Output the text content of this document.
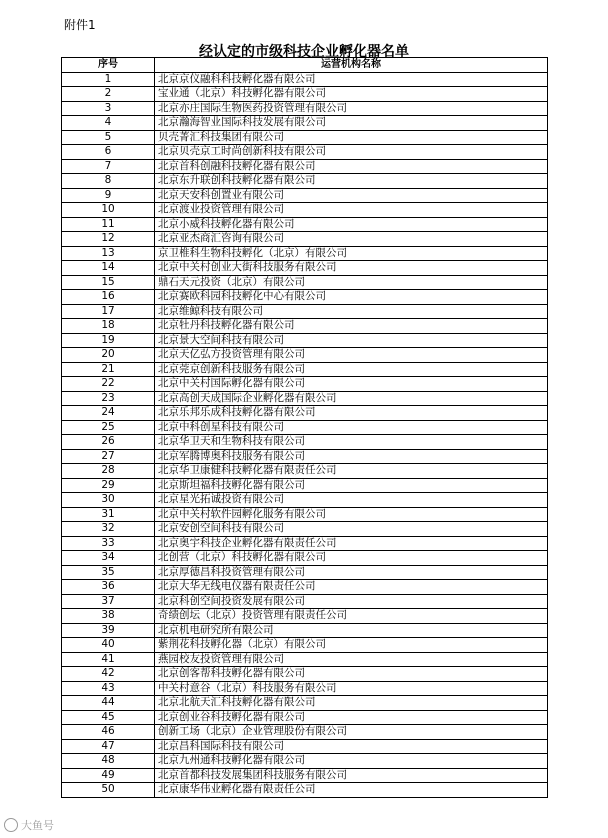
附件1
经认定的市级科技企业孵化器名单
序号	运营机构名称
1	北京京仪融科科技孵化器有限公司
2	宝业通（北京）科技孵化器有限公司
3	北京亦庄国际生物医药投资管理有限公司
4	北京瀚海智业国际科技发展有限公司
5	贝壳菁汇科技集团有限公司
6	北京贝壳京工时尚创新科技有限公司
7	北京首科创融科技孵化器有限公司
8	北京东升联创科技孵化器有限公司
9	北京天安科创置业有限公司
10	北京渡业投资管理有限公司
11	北京小威科技孵化器有限公司
12	北京亚杰商汇咨询有限公司
13	京卫椎科生物科技孵化（北京）有限公司
14	北京中关村创业大街科技服务有限公司
15	鼎石天元投资（北京）有限公司
16	北京赛欧科园科技孵化中心有限公司
17	北京维鲸科技有限公司
18	北京牡丹科技孵化器有限公司
19	北京景大空间科技有限公司
20	北京天亿弘方投资管理有限公司
21	北京莞京创新科技服务有限公司
22	北京中关村国际孵化器有限公司
23	北京高创天成国际企业孵化器有限公司
24	北京乐邦乐成科技孵化器有限公司
25	北京中科创星科技有限公司
26	北京华卫天和生物科技有限公司
27	北京军腾博奥科技服务有限公司
28	北京华卫康健科技孵化器有限责任公司
29	北京斯坦福科技孵化器有限公司
30	北京星光拓诚投资有限公司
31	北京中关村软件园孵化服务有限公司
32	北京安创空间科技有限公司
33	北京奥宇科技企业孵化器有限责任公司
34	北创营（北京）科技孵化器有限公司
35	北京厚德昌科投资管理有限公司
36	北京大华无线电仪器有限责任公司
37	北京科创空间投资发展有限公司
38	奇绩创坛（北京）投资管理有限责任公司
39	北京机电研究所有限公司
40	紫荆花科技孵化器（北京）有限公司
41	燕园校友投资管理有限公司
42	北京创客帮科技孵化器有限公司
43	中关村意谷（北京）科技服务有限公司
44	北京北航天汇科技孵化器有限公司
45	北京创业谷科技孵化器有限公司
46	创新工场（北京）企业管理股份有限公司
47	北京昌科国际科技有限公司
48	北京九州通科技孵化器有限公司
49	北京首都科技发展集团科技服务有限公司
50	北京康华伟业孵化器有限责任公司
大鱼号
